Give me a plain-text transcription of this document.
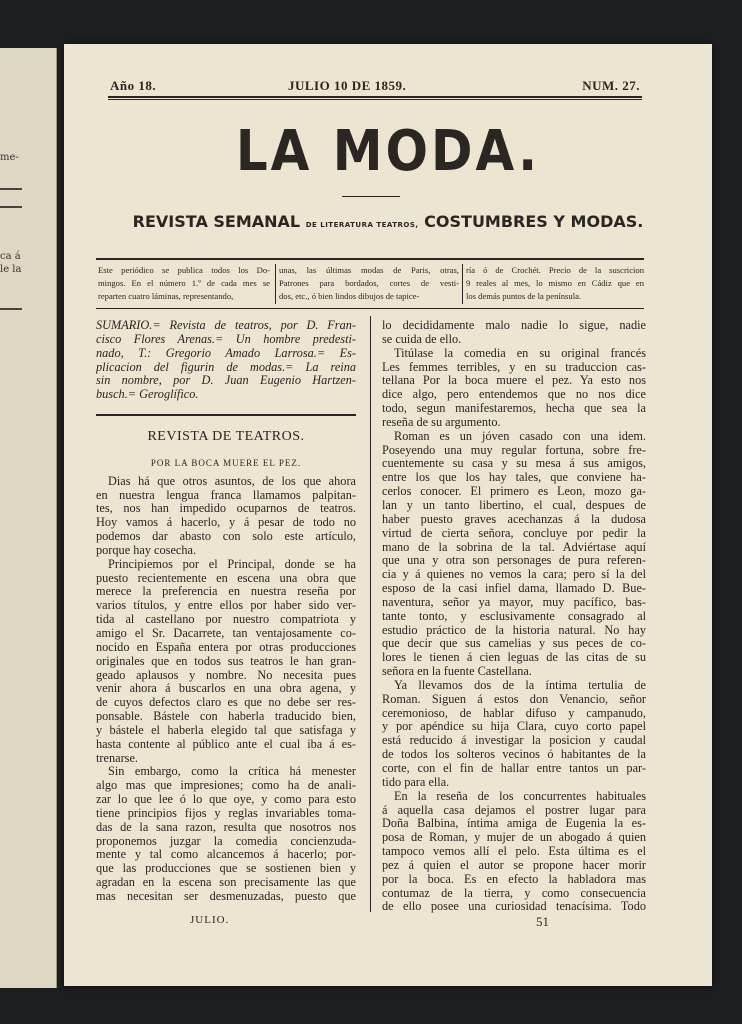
me-
ca á
le la
Año 18.	JULIO 10 DE 1859.	NUM. 27.
LA MODA.
REVISTA SEMANAL DE LITERATURA TEATROS, COSTUMBRES Y MODAS.
Este periódico se publica todos los Do-
mingos. En el número 1.º de cada mes se
reparten cuatro láminas, representando,
unas, las últimas modas de Paris, otras,
Patrones para bordados, cortes de vesti-
dos, etc., ó bien lindos dibujos de tapice-
ría ó de Crochét. Precio de la suscricion
9 reales al mes, lo mismo en Cádiz que en
los demás puntos de la península.
SUMARIO.= Revista de teatros, por D. Fran-
cisco Flores Arenas.= Un hombre predesti-
nado, T.: Gregorio Amado Larrosa.= Es-
plicacion del figurin de modas.= La reina
sin nombre, por D. Juan Eugenio Hartzen-
busch.= Geroglífico.
REVISTA DE TEATROS.
POR LA BOCA MUERE EL PEZ.
Dias há que otros asuntos, de los que ahora
en nuestra lengua franca llamamos palpitan-
tes, nos han impedido ocuparnos de teatros.
Hoy vamos á hacerlo, y á pesar de todo no
podemos dar abasto con solo este artículo,
porque hay cosecha.
Principiemos por el Principal, donde se ha
puesto recientemente en escena una obra que
merece la preferencia en nuestra reseña por
varios títulos, y entre ellos por haber sido ver-
tida al castellano por nuestro compatriota y
amigo el Sr. Dacarrete, tan ventajosamente co-
nocido en España entera por otras producciones
originales que en todos sus teatros le han gran-
geado aplausos y nombre. No necesita pues
venir ahora á buscarlos en una obra agena, y
de cuyos defectos claro es que no debe ser res-
ponsable. Bástele con haberla traducido bien,
y bástele el haberla elegido tal que satisfaga y
hasta contente al público ante el cual iba á es-
trenarse.
Sin embargo, como la crítica há menester
algo mas que impresiones; como ha de anali-
zar lo que lee ó lo que oye, y como para esto
tiene principios fijos y reglas invariables toma-
das de la sana razon, resulta que nosotros nos
proponemos juzgar la comedia concienzuda-
mente y tal como alcancemos á hacerlo; por-
que las producciones que se sostienen bien y
agradan en la escena son precisamente las que
mas necesitan ser desmenuzadas, puesto que
lo decididamente malo nadie lo sigue, nadie
se cuida de ello.
Titúlase la comedia en su original francés
Les femmes terribles, y en su traduccion cas-
tellana Por la boca muere el pez. Ya esto nos
dice algo, pero entendemos que no nos dice
todo, segun manifestaremos, hecha que sea la
reseña de su argumento.
Roman es un jóven casado con una idem.
Poseyendo una muy regular fortuna, sobre fre-
cuentemente su casa y su mesa á sus amigos,
entre los que los hay tales, que conviene ha-
cerlos conocer. El primero es Leon, mozo ga-
lan y un tanto libertino, el cual, despues de
haber puesto graves acechanzas á la dudosa
virtud de cierta señora, concluye por pedir la
mano de la sobrina de la tal. Adviértase aquí
que una y otra son personages de pura referen-
cia y á quienes no vemos la cara; pero sí la del
esposo de la casi infiel dama, llamado D. Bue-
naventura, señor ya mayor, muy pacífico, bas-
tante tonto, y esclusivamente consagrado al
estudio práctico de la historia natural. No hay
que decir que sus camelias y sus peces de co-
lores le tienen á cien leguas de las citas de su
señora en la fuente Castellana.
Ya llevamos dos de la íntima tertulia de
Roman. Siguen á estos don Venancio, señor
ceremonioso, de hablar difuso y campanudo,
y por apéndice su hija Clara, cuyo corto papel
está reducido á investigar la posicion y caudal
de todos los solteros vecinos ó habitantes de la
corte, con el fin de hallar entre tantos un par-
tido para ella.
En la reseña de los concurrentes habituales
á aquella casa dejamos el postrer lugar para
Doña Balbina, íntima amiga de Eugenia la es-
posa de Roman, y mujer de un abogado á quien
tampoco vemos allí el pelo. Esta última es el
pez á quien el autor se propone hacer morir
por la boca. Es en efecto la habladora mas
contumaz de la tierra, y como consecuencia
de ello posee una curiosidad tenacísima. Todo
JULIO.	51
